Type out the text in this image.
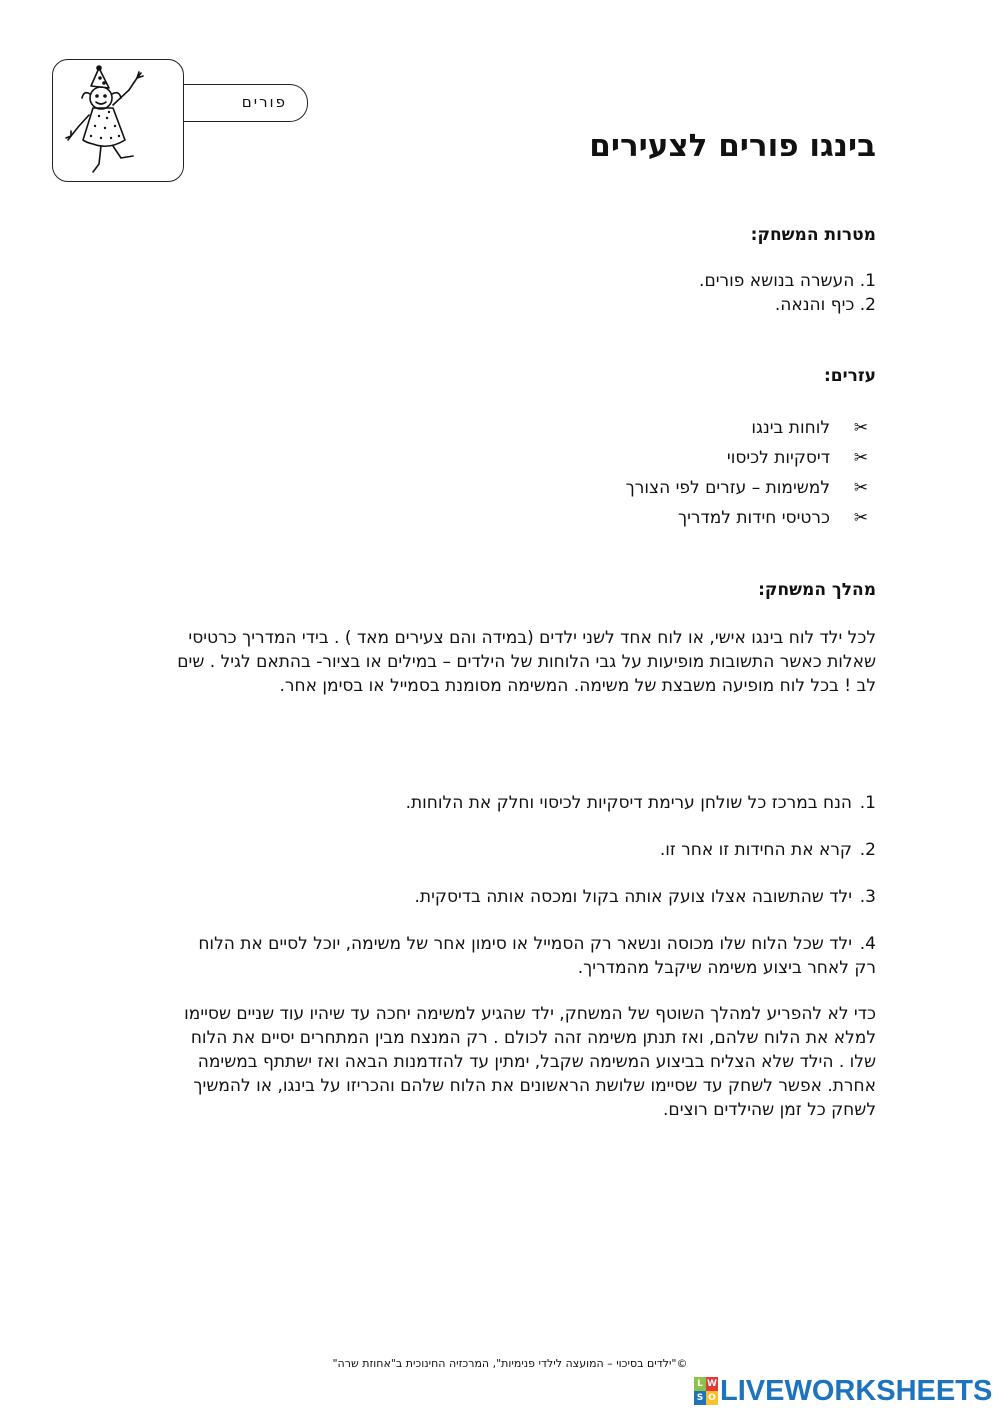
פורים
בינגו פורים לצעירים
מטרות המשחק:
1. העשרה בנושא פורים.
2. כיף והנאה.
עזרים:
✂לוחות בינגו
✂דיסקיות לכיסוי
✂למשימות – עזרים לפי הצורך
✂כרטיסי חידות למדריך
מהלך המשחק:
לכל ילד לוח בינגו אישי, או לוח אחד לשני ילדים (במידה והם צעירים מאד ) . בידי המדריך כרטיסי שאלות כאשר התשובות מופיעות על גבי הלוחות של הילדים – במילים או בציור- בהתאם לגיל . שים לב ! בכל לוח מופיעה משבצת של משימה. המשימה מסומנת בסמייל או בסימן אחר.
1.הנח במרכז כל שולחן ערימת דיסקיות לכיסוי וחלק את הלוחות.
2.קרא את החידות זו אחר זו.
3.ילד שהתשובה אצלו צועק אותה בקול ומכסה אותה בדיסקית.
4.ילד שכל הלוח שלו מכוסה ונשאר רק הסמייל או סימון אחר של משימה, יוכל לסיים את הלוח רק לאחר ביצוע משימה שיקבל מהמדריך.
כדי לא להפריע למהלך השוטף של המשחק, ילד שהגיע למשימה יחכה עד שיהיו עוד שניים שסיימו למלא את הלוח שלהם, ואז תנתן משימה זהה לכולם . רק המנצח מבין המתחרים יסיים את הלוח שלו . הילד שלא הצליח בביצוע המשימה שקבל, ימתין עד להזדמנות הבאה ואז ישתתף במשימה אחרת. אפשר לשחק עד שסיימו שלושת הראשונים את הלוח שלהם והכריזו על בינגו, או להמשיך לשחק כל זמן שהילדים רוצים.
©"ילדים בסיכוי – המועצה לילדי פנימיות", המרכזיה החינוכית ב"אחוזת שרה"
L W
S O LIVEWORKSHEETS
